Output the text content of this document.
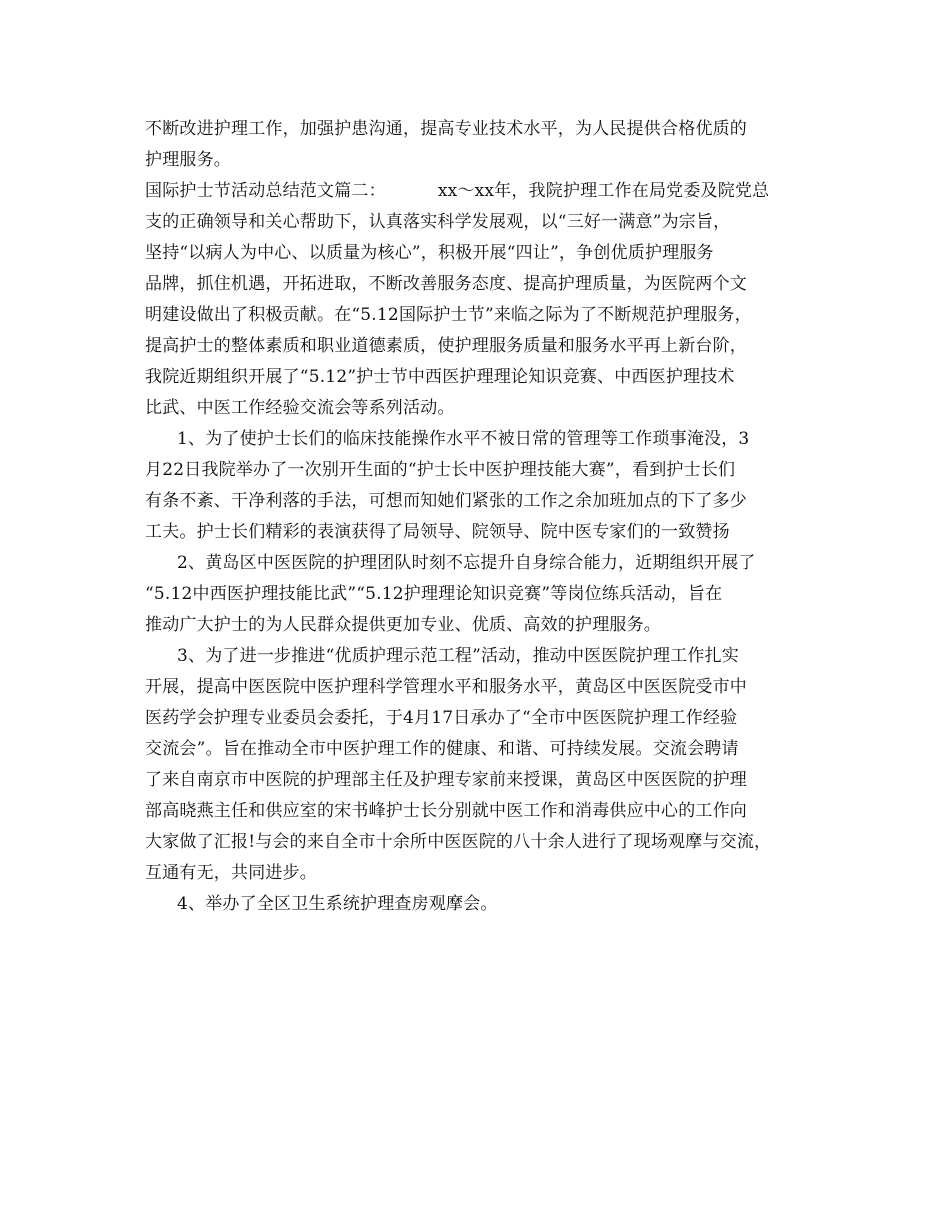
不断改进护理工作，加强护患沟通，提高专业技术水平，为人民提供合格优质的
护理服务。
国际护士节活动总结范文篇二：	xx～xx年，我院护理工作在局党委及院党总
支的正确领导和关心帮助下，认真落实科学发展观，以“三好一满意”为宗旨，
坚持“以病人为中心、以质量为核心”，积极开展“四让”，争创优质护理服务
品牌，抓住机遇，开拓进取，不断改善服务态度、提高护理质量，为医院两个文
明建设做出了积极贡献。在“5.12国际护士节”来临之际为了不断规范护理服务，
提高护士的整体素质和职业道德素质，使护理服务质量和服务水平再上新台阶，
我院近期组织开展了“5.12”护士节中西医护理理论知识竞赛、中西医护理技术
比武、中医工作经验交流会等系列活动。
1、为了使护士长们的临床技能操作水平不被日常的管理等工作琐事淹没，3
月22日我院举办了一次别开生面的“护士长中医护理技能大赛”，看到护士长们
有条不紊、干净利落的手法，可想而知她们紧张的工作之余加班加点的下了多少
工夫。护士长们精彩的表演获得了局领导、院领导、院中医专家们的一致赞扬
2、黄岛区中医医院的护理团队时刻不忘提升自身综合能力，近期组织开展了
“5.12中西医护理技能比武”“5.12护理理论知识竞赛”等岗位练兵活动，旨在
推动广大护士的为人民群众提供更加专业、优质、高效的护理服务。
3、为了进一步推进“优质护理示范工程”活动，推动中医医院护理工作扎实
开展，提高中医医院中医护理科学管理水平和服务水平，黄岛区中医医院受市中
医药学会护理专业委员会委托，于4月17日承办了“全市中医医院护理工作经验
交流会”。旨在推动全市中医护理工作的健康、和谐、可持续发展。交流会聘请
了来自南京市中医院的护理部主任及护理专家前来授课，黄岛区中医医院的护理
部高晓燕主任和供应室的宋书峰护士长分别就中医工作和消毒供应中心的工作向
大家做了汇报!与会的来自全市十余所中医医院的八十余人进行了现场观摩与交流，
互通有无，共同进步。
4、举办了全区卫生系统护理查房观摩会。
